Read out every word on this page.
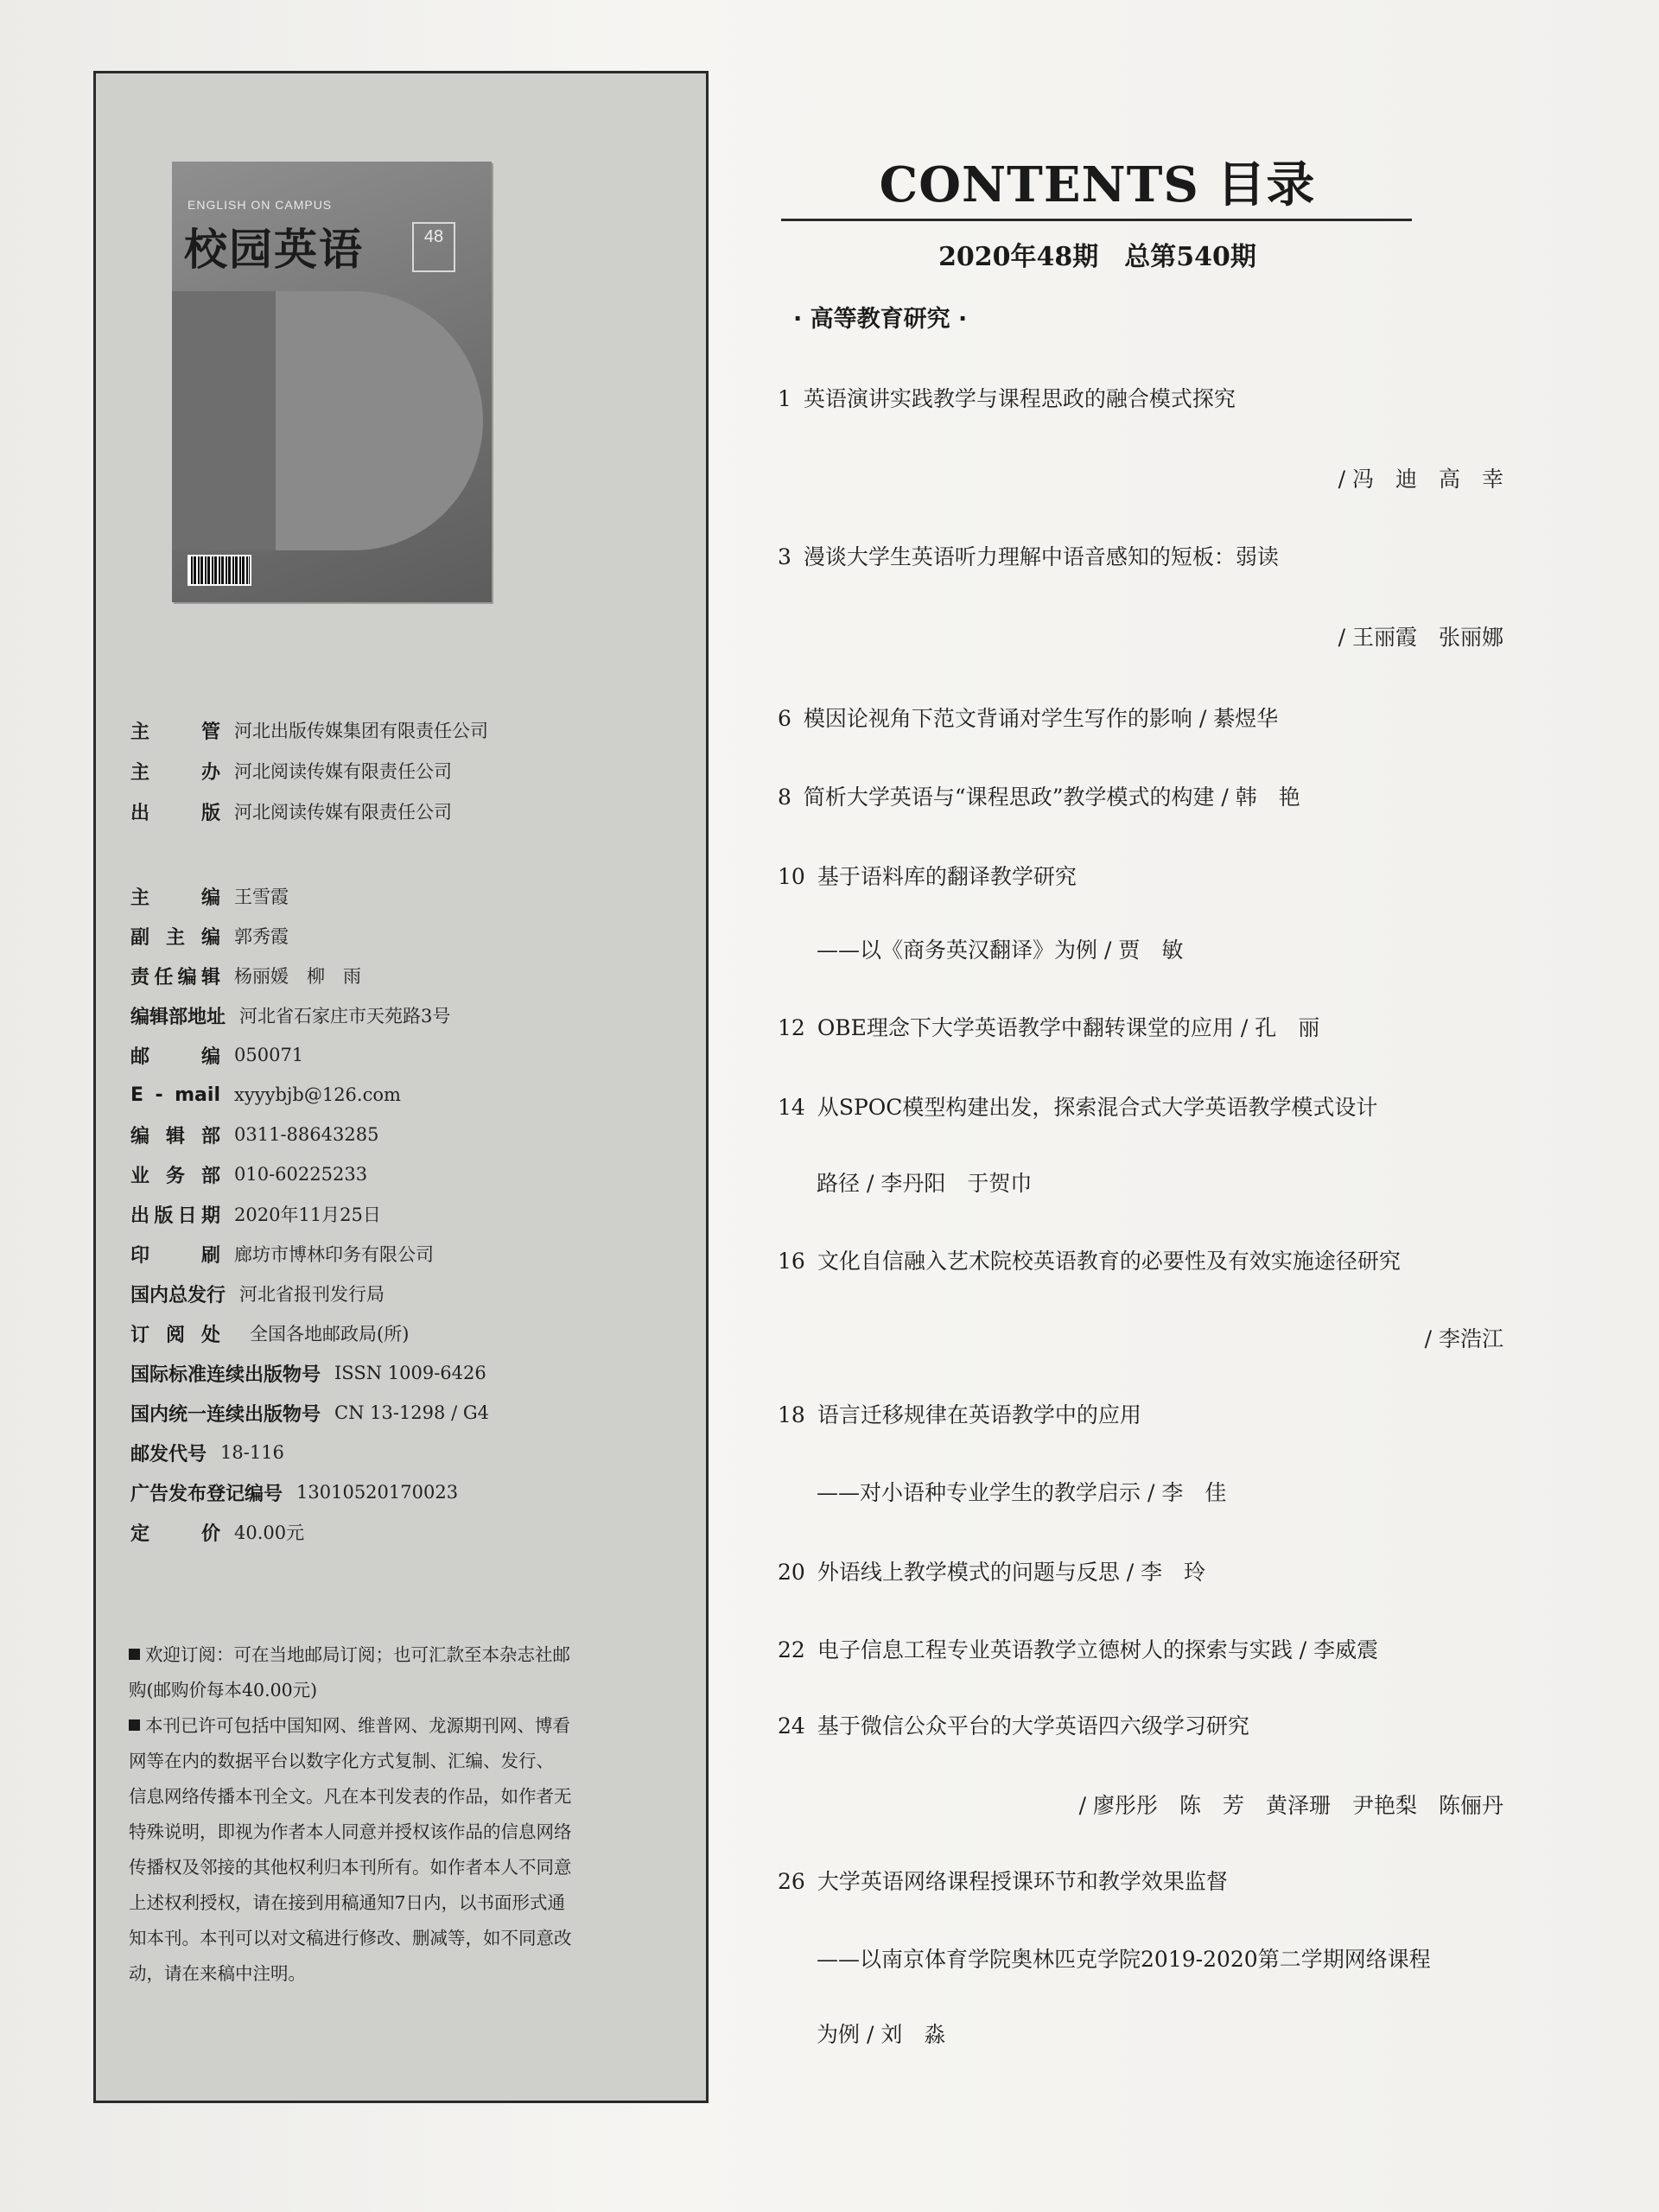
ENGLISH ON CAMPUS
校园英语	48
主　　管 河北出版传媒集团有限责任公司
主　　办 河北阅读传媒有限责任公司
出　　版 河北阅读传媒有限责任公司
主　　编 王雪霞
副 主 编 郭秀霞
责任编辑 杨丽媛　柳　雨
编辑部地址 河北省石家庄市天苑路3号
邮　　编 050071
E - mail xyyybjb@126.com
编 辑 部 0311-88643285
业 务 部 010-60225233
出版日期 2020年11月25日
印　　刷 廊坊市博林印务有限公司
国内总发行 河北省报刊发行局
订 阅 处 全国各地邮政局(所)
国际标准连续出版物号 ISSN 1009-6426
国内统一连续出版物号 CN 13-1298 / G4
邮发代号 18-116
广告发布登记编号 13010520170023
定　　价 40.00元

欢迎订阅：可在当地邮局订阅；也可汇款至本杂志社邮

购(邮购价每本40.00元)

本刊已许可包括中国知网、维普网、龙源期刊网、博看

网等在内的数据平台以数字化方式复制、汇编、发行、

信息网络传播本刊全文。凡在本刊发表的作品，如作者无

特殊说明，即视为作者本人同意并授权该作品的信息网络

传播权及邻接的其他权利归本刊所有。如作者本人不同意

上述权利授权，请在接到用稿通知7日内，以书面形式通

知本刊。本刊可以对文稿进行修改、删减等，如不同意改

动，请在来稿中注明。

CONTENTS 目录
2020年48期　总第540期
· 高等教育研究 ·
1 英语演讲实践教学与课程思政的融合模式探究
/ 冯　迪　高　幸
3 漫谈大学生英语听力理解中语音感知的短板：弱读
/ 王丽霞　张丽娜
6 模因论视角下范文背诵对学生写作的影响 / 綦煜华
8 简析大学英语与“课程思政”教学模式的构建 / 韩　艳
10 基于语料库的翻译教学研究
——以《商务英汉翻译》为例 / 贾　敏
12 OBE理念下大学英语教学中翻转课堂的应用 / 孔　丽
14 从SPOC模型构建出发，探索混合式大学英语教学模式设计
路径 / 李丹阳　于贺巾
16 文化自信融入艺术院校英语教育的必要性及有效实施途径研究
/ 李浩江
18 语言迁移规律在英语教学中的应用
——对小语种专业学生的教学启示 / 李　佳
20 外语线上教学模式的问题与反思 / 李　玲
22 电子信息工程专业英语教学立德树人的探索与实践 / 李威震
24 基于微信公众平台的大学英语四六级学习研究
/ 廖彤彤　陈　芳　黄泽珊　尹艳梨　陈俪丹
26 大学英语网络课程授课环节和教学效果监督
——以南京体育学院奥林匹克学院2019-2020第二学期网络课程
为例 / 刘　淼
